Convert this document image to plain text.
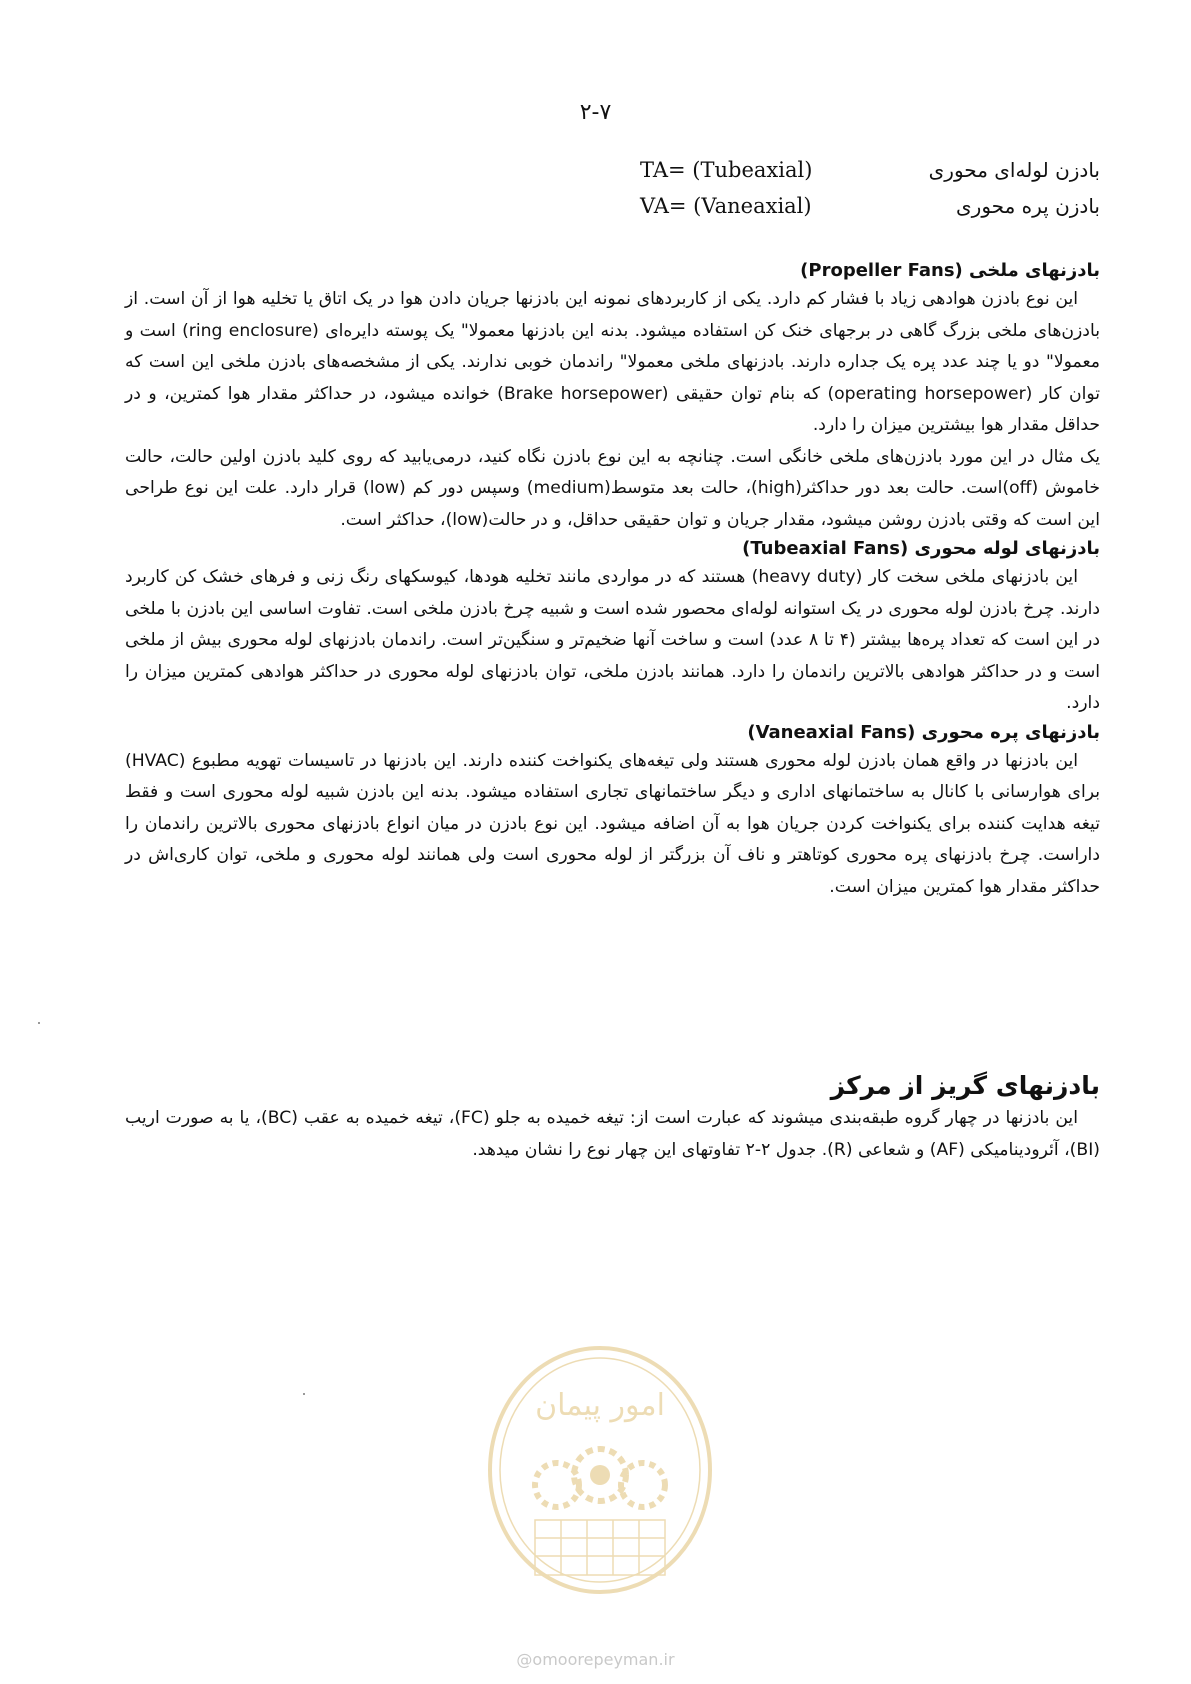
۲-۷
TA= (Tubeaxial)	بادزن لوله‌ای محوری
VA= (Vaneaxial)	بادزن پره محوری
بادزنهای ملخی (Propeller Fans)

این نوع بادزن هوادهی زیاد با فشار کم دارد. یکی از کاربردهای نمونه این بادزنها جریان دادن هوا در یک اتاق یا تخلیه هوا از آن است. از بادزن‌های ملخی بزرگ گاهی در برجهای خنک کن استفاده میشود. بدنه این بادزنها معمولا" یک پوسته دایره‌ای (ring enclosure) است و معمولا" دو یا چند عدد پره یک جداره دارند. بادزنهای ملخی معمولا" راندمان خوبی ندارند. یکی از مشخصه‌های بادزن ملخی این است که توان کار (operating horsepower) که بنام توان حقیقی (Brake horsepower) خوانده میشود، در حداکثر مقدار هوا کمترین، و در حداقل مقدار هوا بیشترین میزان را دارد.

یک مثال در این مورد بادزن‌های ملخی خانگی است. چنانچه به این نوع بادزن نگاه کنید، درمی‌یابید که روی کلید بادزن اولین حالت، حالت خاموش (off)است. حالت بعد دور حداکثر(high)، حالت بعد متوسط(medium) وسپس دور کم (low) قرار دارد. علت این نوع طراحی این است که وقتی بادزن روشن میشود، مقدار جریان و توان حقیقی حداقل، و در حالت(low)، حداکثر است.

بادزنهای لوله محوری (Tubeaxial Fans)

این بادزنهای ملخی سخت کار (heavy duty) هستند که در مواردی مانند تخلیه هودها، کیوسکهای رنگ زنی و فرهای خشک کن کاربرد دارند. چرخ بادزن لوله محوری در یک استوانه لوله‌ای محصور شده است و شبیه چرخ بادزن ملخی است. تفاوت اساسی این بادزن با ملخی در این است که تعداد پره‌ها بیشتر (۴ تا ۸ عدد) است و ساخت آنها ضخیم‌تر و سنگین‌تر است. راندمان بادزنهای لوله محوری بیش از ملخی است و در حداکثر هوادهی بالاترین راندمان را دارد. همانند بادزن ملخی، توان بادزنهای لوله محوری در حداکثر هوادهی کمترین میزان را دارد.

بادزنهای پره محوری (Vaneaxial Fans)

این بادزنها در واقع همان بادزن لوله محوری هستند ولی تیغه‌های یکنواخت کننده دارند. این بادزنها در تاسیسات تهویه مطبوع (HVAC) برای هوارسانی با کانال به ساختمانهای اداری و دیگر ساختمانهای تجاری استفاده میشود. بدنه این بادزن شبیه لوله محوری است و فقط تیغه هدایت کننده برای یکنواخت کردن جریان هوا به آن اضافه میشود. این نوع بادزن در میان انواع بادزنهای محوری بالاترین راندمان را داراست. چرخ بادزنهای پره محوری کوتاهتر و ناف آن بزرگتر از لوله محوری است ولی همانند لوله محوری و ملخی، توان کاری‌اش در حداکثر مقدار هوا کمترین میزان است.

بادزنهای گریز از مرکز

این بادزنها در چهار گروه طبقه‌بندی میشوند که عبارت است از: تیغه خمیده به جلو (FC)، تیغه خمیده به عقب (BC)، یا به صورت اریب (BI)، آئرودینامیکی (AF) و شعاعی (R). جدول ۲-۲ تفاوتهای این چهار نوع را نشان میدهد.

امور پیمان
@omoorepeyman.ir
